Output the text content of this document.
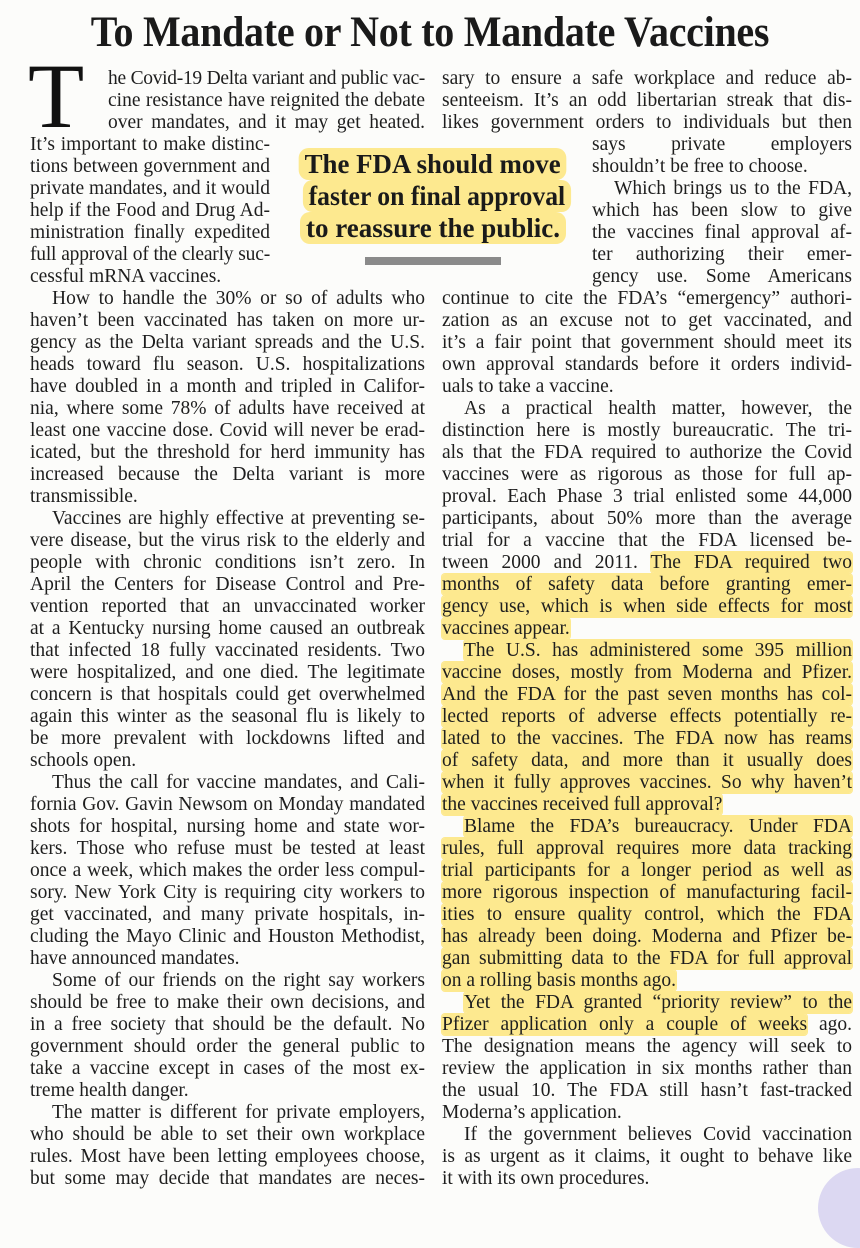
To Mandate or Not to Mandate Vaccines
T he Covid-19 Delta variant and public vac-
cine resistance have reignited the debate
over mandates, and it may get heated.
It’s important to make distinc-
tions between government and
private mandates, and it would
help if the Food and Drug Ad-
ministration finally expedited
full approval of the clearly suc-
cessful mRNA vaccines.
How to handle the 30% or so of adults who
haven’t been vaccinated has taken on more ur-
gency as the Delta variant spreads and the U.S.
heads toward flu season. U.S. hospitalizations
have doubled in a month and tripled in Califor-
nia, where some 78% of adults have received at
least one vaccine dose. Covid will never be erad-
icated, but the threshold for herd immunity has
increased because the Delta variant is more
transmissible.
Vaccines are highly effective at preventing se-
vere disease, but the virus risk to the elderly and
people with chronic conditions isn’t zero. In
April the Centers for Disease Control and Pre-
vention reported that an unvaccinated worker
at a Kentucky nursing home caused an outbreak
that infected 18 fully vaccinated residents. Two
were hospitalized, and one died. The legitimate
concern is that hospitals could get overwhelmed
again this winter as the seasonal flu is likely to
be more prevalent with lockdowns lifted and
schools open.
Thus the call for vaccine mandates, and Cali-
fornia Gov. Gavin Newsom on Monday mandated
shots for hospital, nursing home and state wor-
kers. Those who refuse must be tested at least
once a week, which makes the order less compul-
sory. New York City is requiring city workers to
get vaccinated, and many private hospitals, in-
cluding the Mayo Clinic and Houston Methodist,
have announced mandates.
Some of our friends on the right say workers
should be free to make their own decisions, and
in a free society that should be the default. No
government should order the general public to
take a vaccine except in cases of the most ex-
treme health danger.
The matter is different for private employers,
who should be able to set their own workplace
rules. Most have been letting employees choose,
but some may decide that mandates are neces-
sary to ensure a safe workplace and reduce ab-
senteeism. It’s an odd libertarian streak that dis-
likes government orders to individuals but then
says private employers
shouldn’t be free to choose.
Which brings us to the FDA,
which has been slow to give
the vaccines final approval af-
ter authorizing their emer-
gency use. Some Americans
continue to cite the FDA’s “emergency” authori-
zation as an excuse not to get vaccinated, and
it’s a fair point that government should meet its
own approval standards before it orders individ-
uals to take a vaccine.
As a practical health matter, however, the
distinction here is mostly bureaucratic. The tri-
als that the FDA required to authorize the Covid
vaccines were as rigorous as those for full ap-
proval. Each Phase 3 trial enlisted some 44,000
participants, about 50% more than the average
trial for a vaccine that the FDA licensed be-
tween 2000 and 2011. The FDA required two
months of safety data before granting emer-
gency use, which is when side effects for most
vaccines appear.
The U.S. has administered some 395 million
vaccine doses, mostly from Moderna and Pfizer.
And the FDA for the past seven months has col-
lected reports of adverse effects potentially re-
lated to the vaccines. The FDA now has reams
of safety data, and more than it usually does
when it fully approves vaccines. So why haven’t
the vaccines received full approval?
Blame the FDA’s bureaucracy. Under FDA
rules, full approval requires more data tracking
trial participants for a longer period as well as
more rigorous inspection of manufacturing facil-
ities to ensure quality control, which the FDA
has already been doing. Moderna and Pfizer be-
gan submitting data to the FDA for full approval
on a rolling basis months ago.
Yet the FDA granted “priority review” to the
Pfizer application only a couple of weeks ago.
The designation means the agency will seek to
review the application in six months rather than
the usual 10. The FDA still hasn’t fast-tracked
Moderna’s application.
If the government believes Covid vaccination
is as urgent as it claims, it ought to behave like
it with its own procedures.
The FDA should move
faster on final approval
to reassure the public.
